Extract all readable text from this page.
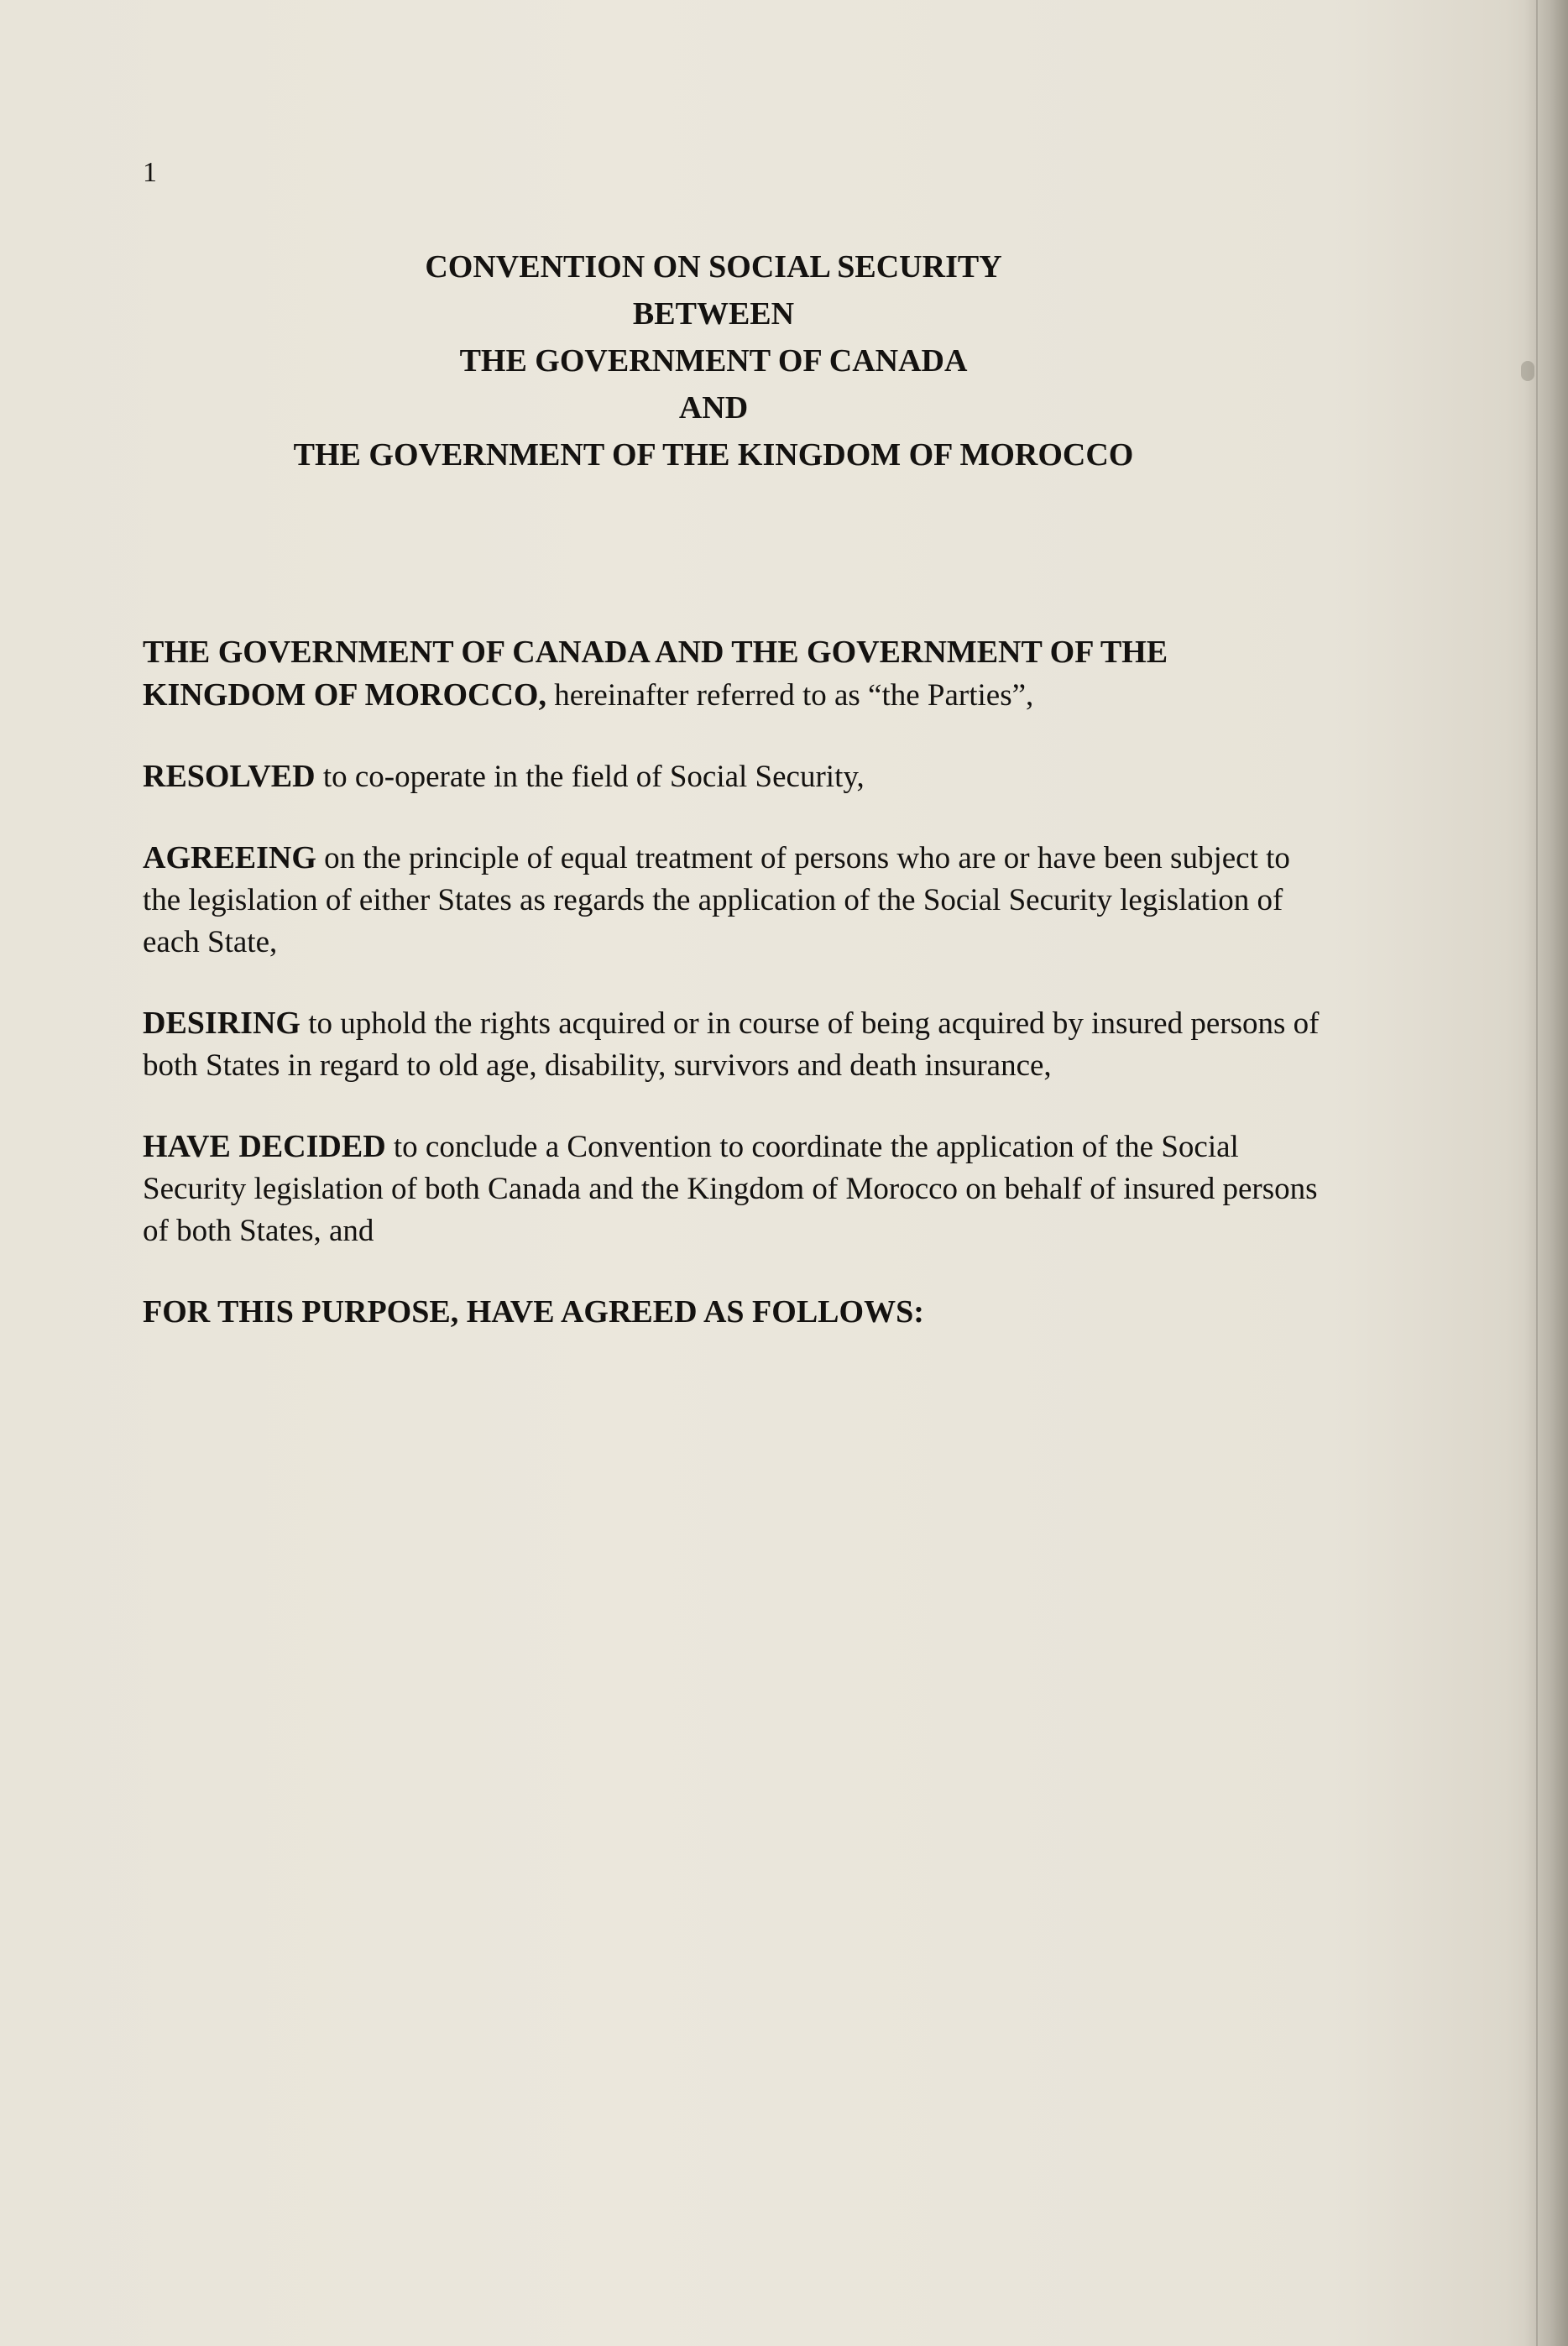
1
CONVENTION ON SOCIAL SECURITY
BETWEEN
THE GOVERNMENT OF CANADA
AND
THE GOVERNMENT OF THE KINGDOM OF MOROCCO

THE GOVERNMENT OF CANADA AND THE GOVERNMENT OF THE KINGDOM OF MOROCCO, hereinafter referred to as “the Parties”,

RESOLVED to co-operate in the field of Social Security,

AGREEING on the principle of equal treatment of persons who are or have been subject to the legislation of either States as regards the application of the Social Security legislation of each State,

DESIRING to uphold the rights acquired or in course of being acquired by insured persons of both States in regard to old age, disability, survivors and death insurance,

HAVE DECIDED to conclude a Convention to coordinate the application of the Social Security legislation of both Canada and the Kingdom of Morocco on behalf of insured persons of both States, and

FOR THIS PURPOSE, HAVE AGREED AS FOLLOWS:
